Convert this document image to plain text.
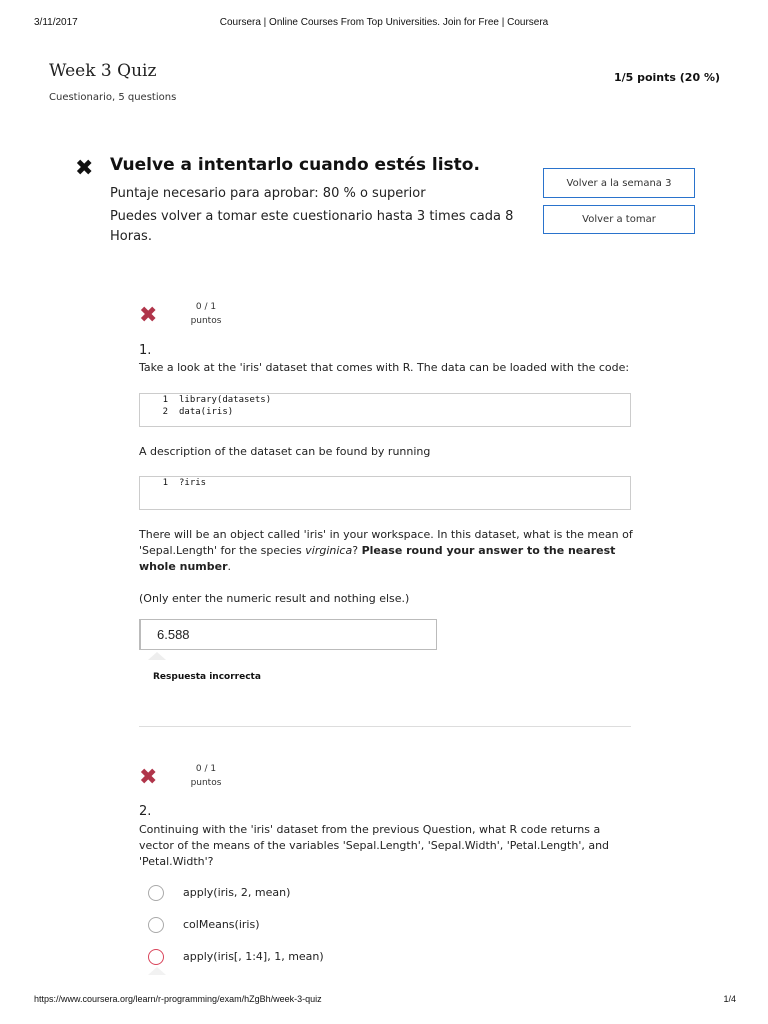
3/11/2017	Coursera | Online Courses From Top Universities. Join for Free | Coursera
Week 3 Quiz
Cuestionario, 5 questions
1/5 points (20 %)
✖ Vuelve a intentarlo cuando estés listo.
Puntaje necesario para aprobar: 80 % o superior
Puedes volver a tomar este cuestionario hasta 3 times cada 8
Horas.
Volver a la semana 3
Volver a tomar
✖	0 / 1
puntos
1.
Take a look at the 'iris' dataset that comes with R. The data can be loaded with the code:
1 library(datasets)
2 data(iris)
A description of the dataset can be found by running
1 ?iris
There will be an object called 'iris' in your workspace. In this dataset, what is the mean of
'Sepal.Length' for the species virginica? Please round your answer to the nearest
whole number.
(Only enter the numeric result and nothing else.)
6.588
Respuesta incorrecta
✖	0 / 1
puntos
2.
Continuing with the 'iris' dataset from the previous Question, what R code returns a
vector of the means of the variables 'Sepal.Length', 'Sepal.Width', 'Petal.Length', and
'Petal.Width'?
apply(iris, 2, mean)
colMeans(iris)
apply(iris[, 1:4], 1, mean)
https://www.coursera.org/learn/r-programming/exam/hZgBh/week-3-quiz	1/4
